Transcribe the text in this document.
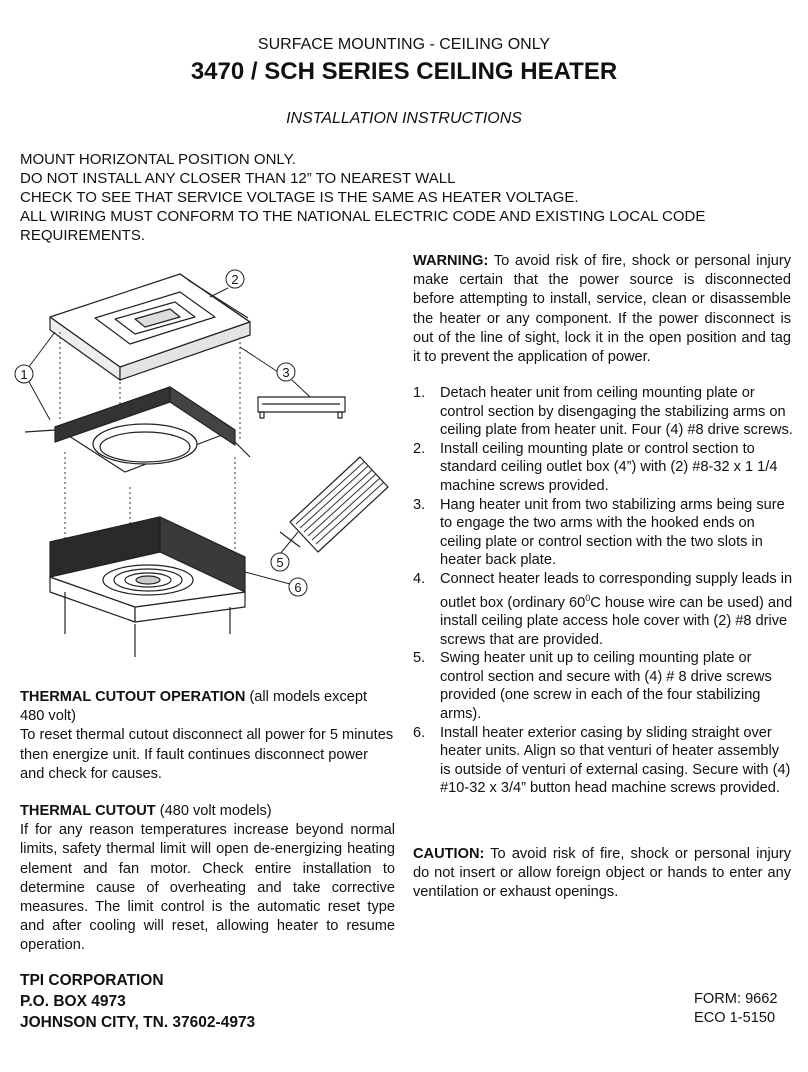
SURFACE MOUNTING - CEILING ONLY
3470 / SCH SERIES CEILING HEATER
INSTALLATION INSTRUCTIONS
MOUNT HORIZONTAL POSITION ONLY.
DO NOT INSTALL ANY CLOSER THAN 12” TO NEAREST WALL
CHECK TO SEE THAT SERVICE VOLTAGE IS THE SAME AS HEATER VOLTAGE.
ALL WIRING MUST CONFORM TO THE NATIONAL ELECTRIC CODE AND EXISTING LOCAL CODE
REQUIREMENTS.
2
1	3
5
6
WARNING: To avoid risk of fire, shock or personal injury make certain that the power source is disconnected before attempting to install, service, clean or disassemble the heater or any component. If the power disconnect is out of the line of sight, lock it in the open position and tag it to prevent the application of power.
1. Detach heater unit from ceiling mounting plate or control section by disengaging the stabilizing arms on ceiling plate from heater unit. Four (4) #8 drive screws.
2. Install ceiling mounting plate or control section to standard ceiling outlet box (4”) with (2) #8-32 x 1 1/4 machine screws provided.
3. Hang heater unit from two stabilizing arms being sure to engage the two arms with the hooked ends on ceiling plate or control section with the two slots in heater back plate.
4. Connect heater leads to corresponding supply leads in outlet box (ordinary $60^0C$ house wire can be used) and install ceiling plate access hole cover with (2) #8 drive screws that are provided.
5. Swing heater unit up to ceiling mounting plate or control section and secure with (4) # 8 drive screws provided (one screw in each of the four stabilizing arms).
6. Install heater exterior casing by sliding straight over heater units. Align so that venturi of heater assembly is outside of venturi of external casing. Secure with (4) #10-32 x 3/4” button head machine screws provided.
CAUTION: To avoid risk of fire, shock or personal injury do not insert or allow foreign object or hands to enter any ventilation or exhaust openings.
THERMAL CUTOUT OPERATION (all models except 480 volt)
To reset thermal cutout disconnect all power for 5 minutes then energize unit. If fault continues disconnect power and check for causes.
THERMAL CUTOUT (480 volt models)
If for any reason temperatures increase beyond normal limits, safety thermal limit will open de-energizing heating element and fan motor. Check entire installation to determine cause of overheating and take corrective measures. The limit control is the automatic reset type and after cooling will reset, allowing heater to resume operation.
TPI CORPORATION
P.O. BOX 4973
JOHNSON CITY, TN. 37602-4973
FORM: 9662
ECO 1-5150
